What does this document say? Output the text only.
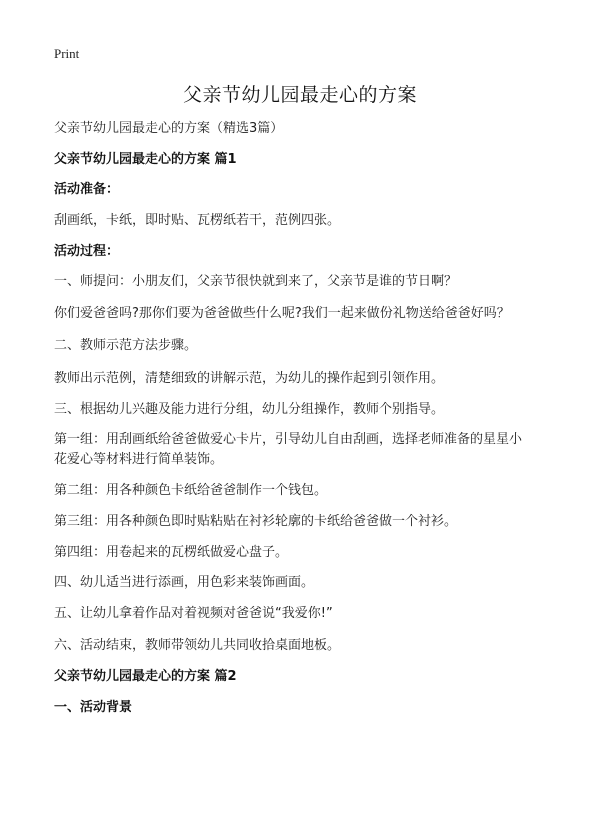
Print
父亲节幼儿园最走心的方案
父亲节幼儿园最走心的方案（精选3篇）
父亲节幼儿园最走心的方案 篇1
活动准备：
刮画纸，卡纸，即时贴、瓦楞纸若干，范例四张。
活动过程：
一、师提问：小朋友们，父亲节很快就到来了，父亲节是谁的节日啊？
你们爱爸爸吗?那你们要为爸爸做些什么呢?我们一起来做份礼物送给爸爸好吗？
二、教师示范方法步骤。
教师出示范例，清楚细致的讲解示范，为幼儿的操作起到引领作用。
三、根据幼儿兴趣及能力进行分组，幼儿分组操作，教师个别指导。
第一组：用刮画纸给爸爸做爱心卡片，引导幼儿自由刮画，选择老师准备的星星小花爱心等材料进行简单装饰。
第二组：用各种颜色卡纸给爸爸制作一个钱包。
第三组：用各种颜色即时贴粘贴在衬衫轮廓的卡纸给爸爸做一个衬衫。
第四组：用卷起来的瓦楞纸做爱心盘子。
四、幼儿适当进行添画，用色彩来装饰画面。
五、让幼儿拿着作品对着视频对爸爸说“我爱你!”
六、活动结束，教师带领幼儿共同收拾桌面地板。
父亲节幼儿园最走心的方案 篇2
一、活动背景
